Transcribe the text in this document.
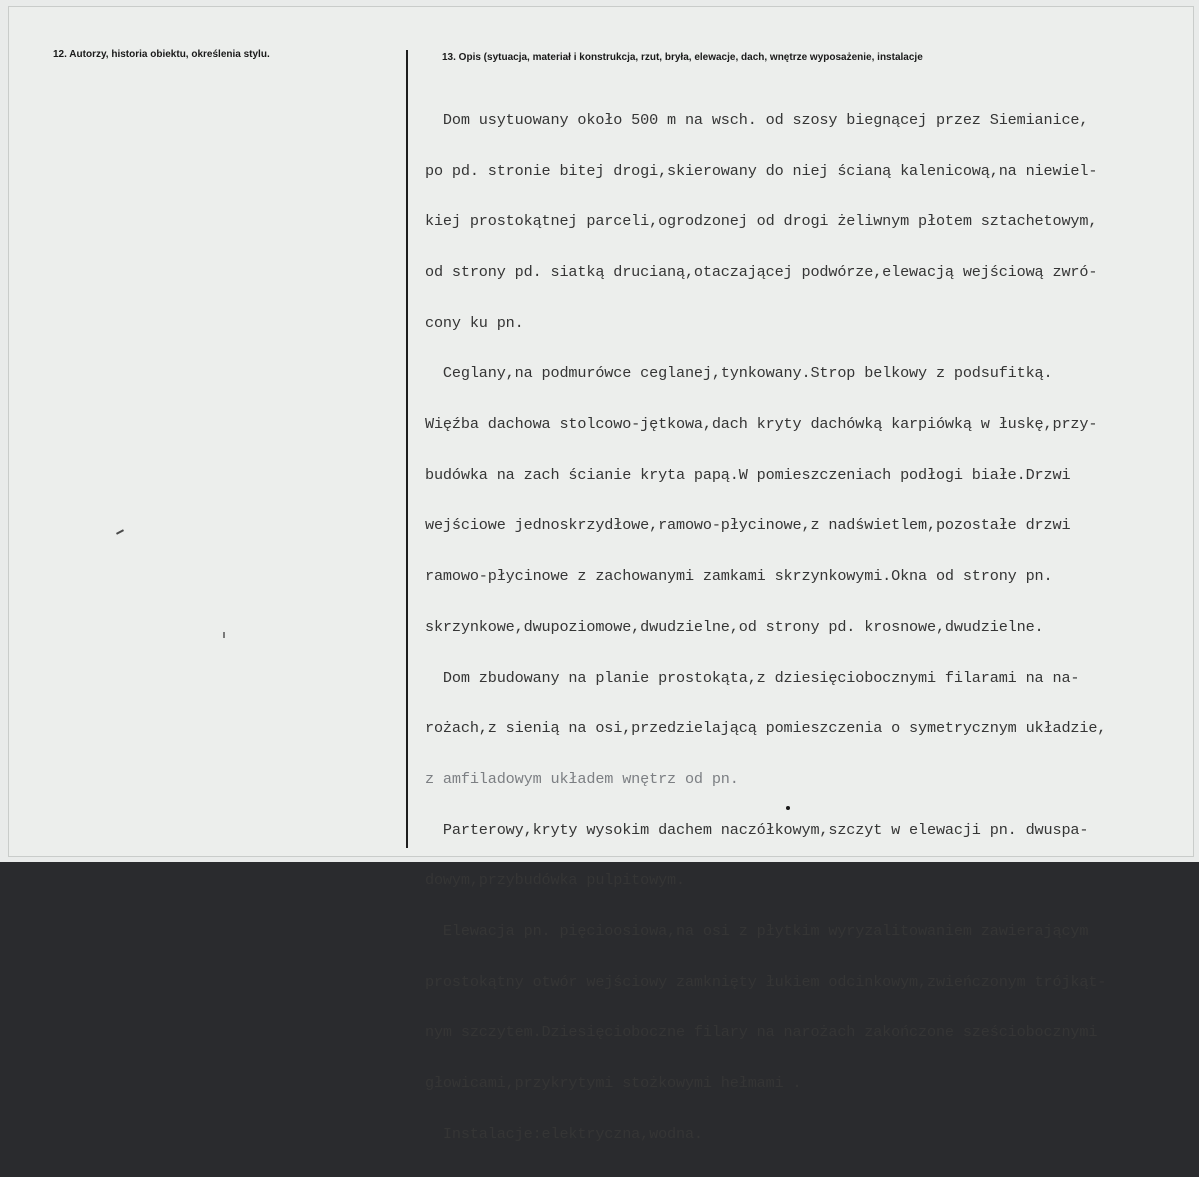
12. Autorzy, historia obiektu, określenia stylu.	13. Opis (sytuacja, materiał i konstrukcja, rzut, bryła, elewacje, dach, wnętrze wyposażenie, instalacje

Dom usytuowany około 500 m na wsch. od szosy biegnącej przez Siemianice,

po pd. stronie bitej drogi,skierowany do niej ścianą kalenicową,na niewiel-

kiej prostokątnej parceli,ogrodzonej od drogi żeliwnym płotem sztachetowym,

od strony pd. siatką drucianą,otaczającej podwórze,elewacją wejściową zwró-

cony ku pn.

Ceglany,na podmurówce ceglanej,tynkowany.Strop belkowy z podsufitką.

Więźba dachowa stolcowo-jętkowa,dach kryty dachówką karpiówką w łuskę,przy-

budówka na zach ścianie kryta papą.W pomieszczeniach podłogi białe.Drzwi

wejściowe jednoskrzydłowe,ramowo-płycinowe,z nadświetlem,pozostałe drzwi

ramowo-płycinowe z zachowanymi zamkami skrzynkowymi.Okna od strony pn.

skrzynkowe,dwupoziomowe,dwudzielne,od strony pd. krosnowe,dwudzielne.

Dom zbudowany na planie prostokąta,z dziesięciobocznymi filarami na na-

rożach,z sienią na osi,przedzielającą pomieszczenia o symetrycznym układzie,

z amfiladowym układem wnętrz od pn.

Parterowy,kryty wysokim dachem naczółkowym,szczyt w elewacji pn. dwuspa-

dowym,przybudówka pulpitowym.

Elewacja pn. pięcioosiowa,na osi z płytkim wyryzalitowaniem zawierającym

prostokątny otwór wejściowy zamknięty łukiem odcinkowym,zwieńczonym trójkąt-

nym szczytem.Dziesięcioboczne filary na narożach zakończone sześciobocznymi

głowicami,przykrytymi stożkowymi hełmami .

Instalacje:elektryczna,wodna.
